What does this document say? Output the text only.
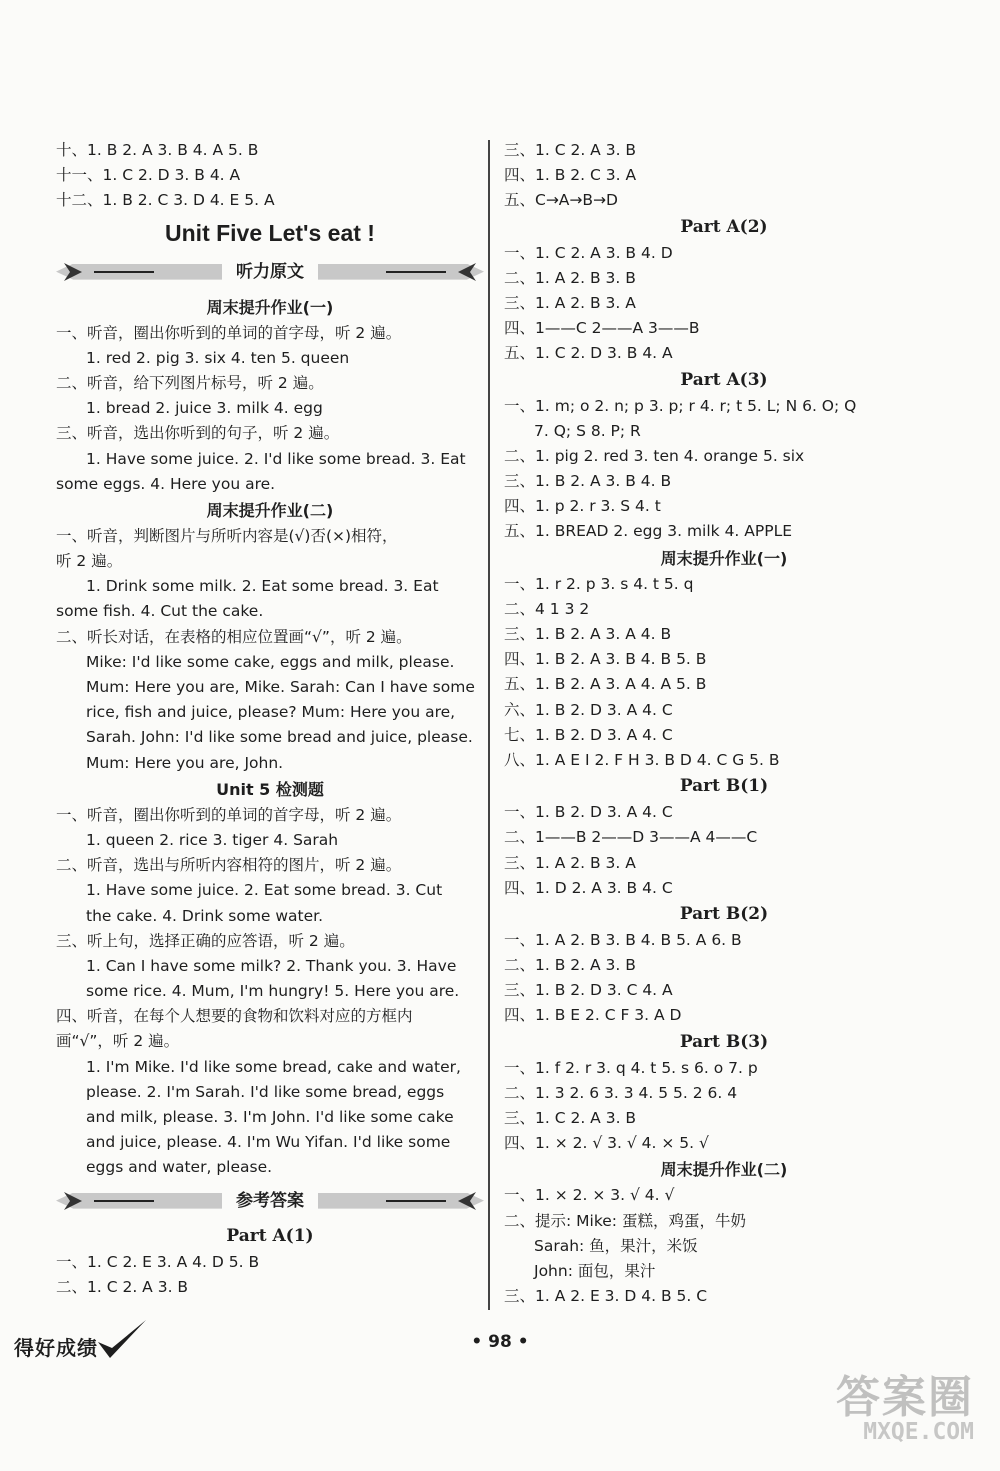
十、1. B 2. A 3. B 4. A 5. B
十一、1. C 2. D 3. B 4. A
十二、1. B 2. C 3. D 4. E 5. A
Unit Five Let's eat !
听力原文
周末提升作业(一)
一、听音，圈出你听到的单词的首字母，听 2 遍。
1. red 2. pig 3. six 4. ten 5. queen
二、听音，给下列图片标号，听 2 遍。
1. bread 2. juice 3. milk 4. egg
三、听音，选出你听到的句子，听 2 遍。
1. Have some juice. 2. I'd like some bread. 3. Eat
some eggs. 4. Here you are.
周末提升作业(二)
一、听音，判断图片与所听内容是(√)否(×)相符，
听 2 遍。
1. Drink some milk. 2. Eat some bread. 3. Eat
some fish. 4. Cut the cake.
二、听长对话，在表格的相应位置画“√”，听 2 遍。
Mike: I'd like some cake, eggs and milk, please.
Mum: Here you are, Mike. Sarah: Can I have some
rice, fish and juice, please? Mum: Here you are,
Sarah. John: I'd like some bread and juice, please.
Mum: Here you are, John.
Unit 5 检测题
一、听音，圈出你听到的单词的首字母，听 2 遍。
1. queen 2. rice 3. tiger 4. Sarah
二、听音，选出与所听内容相符的图片，听 2 遍。
1. Have some juice. 2. Eat some bread. 3. Cut
the cake. 4. Drink some water.
三、听上句，选择正确的应答语，听 2 遍。
1. Can I have some milk? 2. Thank you. 3. Have
some rice. 4. Mum, I'm hungry! 5. Here you are.
四、听音，在每个人想要的食物和饮料对应的方框内
画“√”，听 2 遍。
1. I'm Mike. I'd like some bread, cake and water,
please. 2. I'm Sarah. I'd like some bread, eggs
and milk, please. 3. I'm John. I'd like some cake
and juice, please. 4. I'm Wu Yifan. I'd like some
eggs and water, please.
参考答案
Part A(1)
一、1. C 2. E 3. A 4. D 5. B
二、1. C 2. A 3. B
三、1. C 2. A 3. B
四、1. B 2. C 3. A
五、C→A→B→D
Part A(2)
一、1. C 2. A 3. B 4. D
二、1. A 2. B 3. B
三、1. A 2. B 3. A
四、1——C 2——A 3——B
五、1. C 2. D 3. B 4. A
Part A(3)
一、1. m; o 2. n; p 3. p; r 4. r; t 5. L; N 6. O; Q
7. Q; S 8. P; R
二、1. pig 2. red 3. ten 4. orange 5. six
三、1. B 2. A 3. B 4. B
四、1. p 2. r 3. S 4. t
五、1. BREAD 2. egg 3. milk 4. APPLE
周末提升作业(一)
一、1. r 2. p 3. s 4. t 5. q
二、4 1 3 2
三、1. B 2. A 3. A 4. B
四、1. B 2. A 3. B 4. B 5. B
五、1. B 2. A 3. A 4. A 5. B
六、1. B 2. D 3. A 4. C
七、1. B 2. D 3. A 4. C
八、1. A E I 2. F H 3. B D 4. C G 5. B
Part B(1)
一、1. B 2. D 3. A 4. C
二、1——B 2——D 3——A 4——C
三、1. A 2. B 3. A
四、1. D 2. A 3. B 4. C
Part B(2)
一、1. A 2. B 3. B 4. B 5. A 6. B
二、1. B 2. A 3. B
三、1. B 2. D 3. C 4. A
四、1. B E 2. C F 3. A D
Part B(3)
一、1. f 2. r 3. q 4. t 5. s 6. o 7. p
二、1. 3 2. 6 3. 3 4. 5 5. 2 6. 4
三、1. C 2. A 3. B
四、1. × 2. √ 3. √ 4. × 5. √
周末提升作业(二)
一、1. × 2. × 3. √ 4. √
二、提示: Mike: 蛋糕，鸡蛋，牛奶
Sarah: 鱼，果汁，米饭
John: 面包，果汁
三、1. A 2. E 3. D 4. B 5. C
得好成绩	• 98 •
答案圈
MXQE.COM
